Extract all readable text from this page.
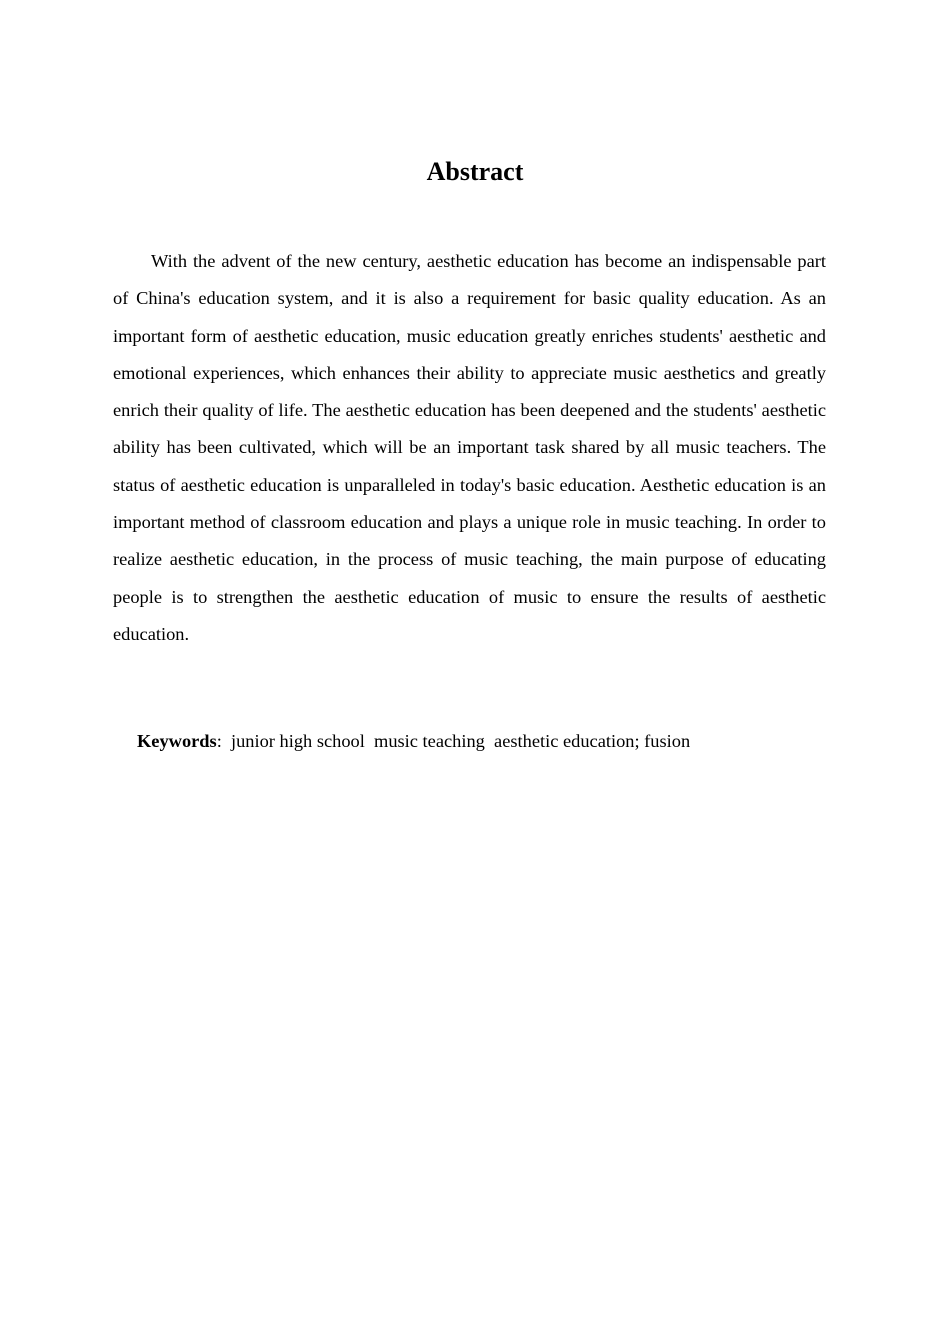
Abstract

With the advent of the new century, aesthetic education has become an indispensable part of China's education system, and it is also a requirement for basic quality education. As an important form of aesthetic education, music education greatly enriches students' aesthetic and emotional experiences, which enhances their ability to appreciate music aesthetics and greatly enrich their quality of life. The aesthetic education has been deepened and the students' aesthetic ability has been cultivated, which will be an important task shared by all music teachers. The status of aesthetic education is unparalleled in today's basic education. Aesthetic education is an important method of classroom education and plays a unique role in music teaching. In order to realize aesthetic education, in the process of music teaching, the main purpose of educating people is to strengthen the aesthetic education of music to ensure the results of aesthetic education.

Keywords:  junior high school  music teaching  aesthetic education; fusion
